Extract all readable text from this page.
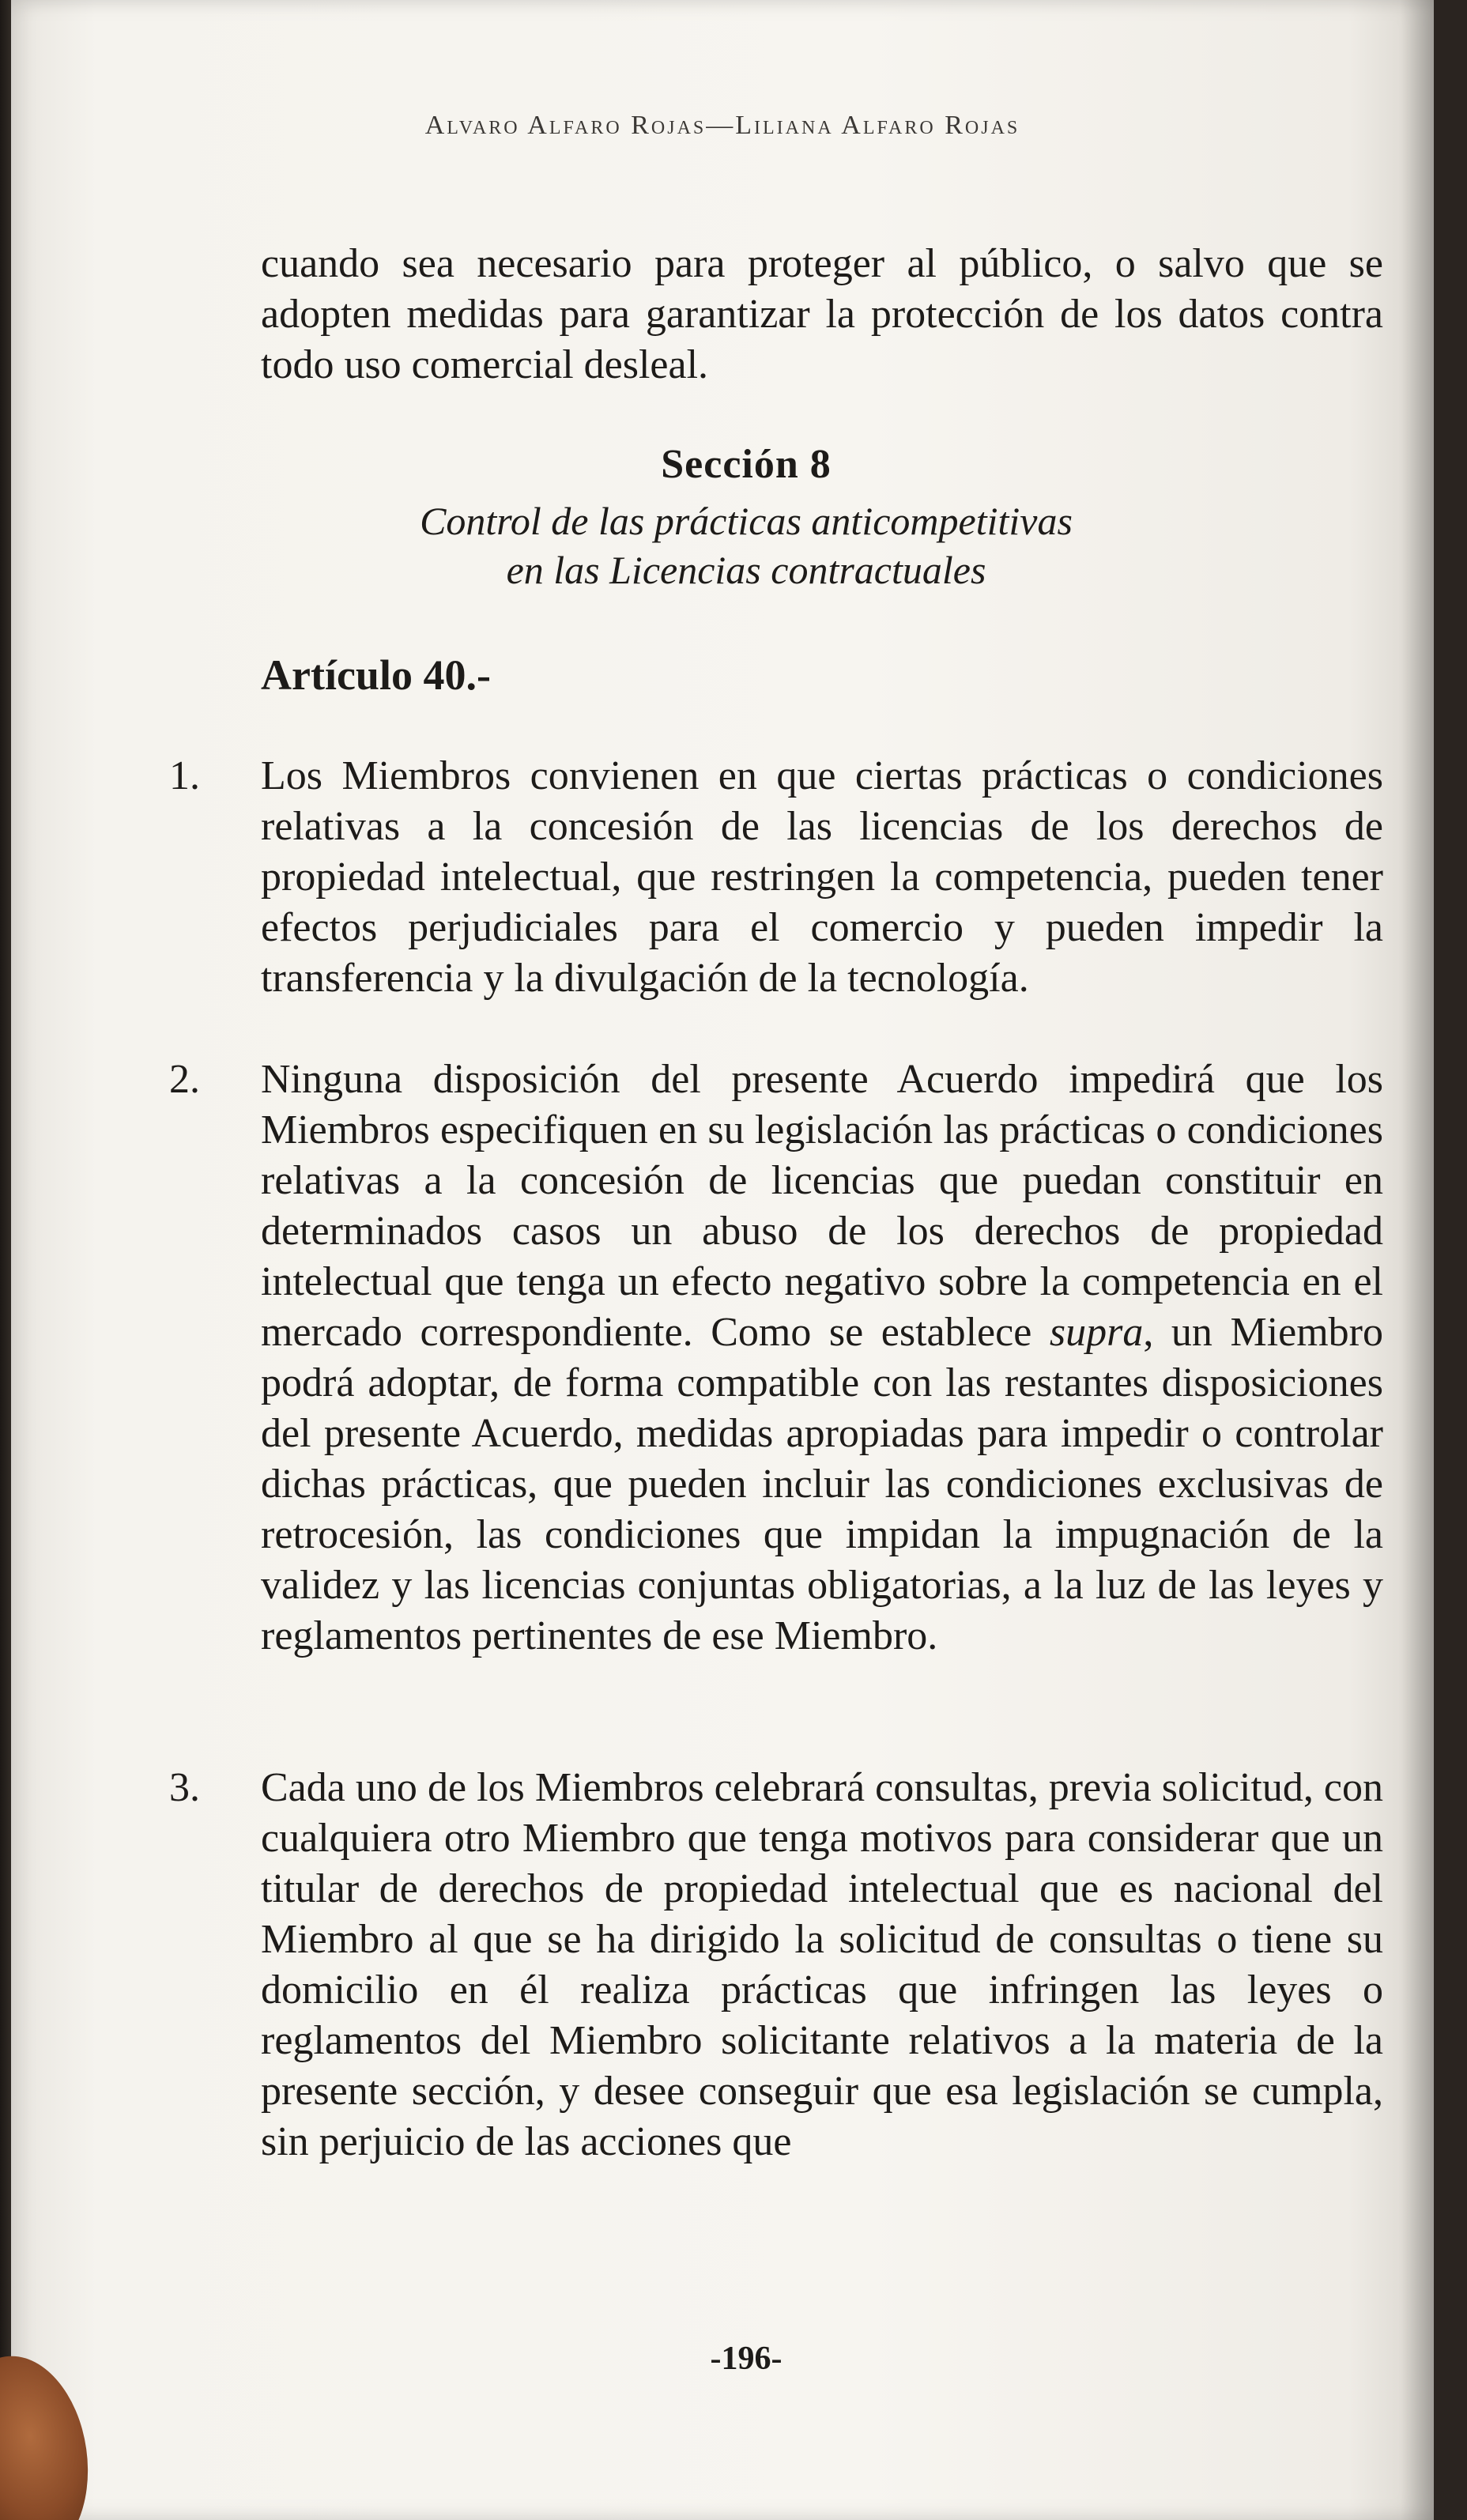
Alvaro Alfaro Rojas—Liliana Alfaro Rojas

cuando sea necesario para proteger al público, o salvo que se adopten medidas para garantizar la protección de los datos contra todo uso comercial desleal.

Sección 8
Control de las prácticas anticompetitivas
en las Licencias contractuales
Artículo 40.-
1.	Los Miembros convienen en que ciertas prácticas o condiciones relativas a la concesión de las licencias de los derechos de propiedad intelectual, que restringen la competencia, pueden tener efectos perjudiciales para el comercio y pueden impedir la transferencia y la divulgación de la tecnología.
2.	Ninguna disposición del presente Acuerdo impedirá que los Miembros especifiquen en su legislación las prácticas o condiciones relativas a la concesión de licencias que puedan constituir en determinados casos un abuso de los derechos de propiedad intelectual que tenga un efecto negativo sobre la competencia en el mercado correspondiente. Como se establece supra, un Miembro podrá adoptar, de forma compatible con las restantes disposiciones del presente Acuerdo, medidas apropiadas para impedir o controlar dichas prácticas, que pueden incluir las condiciones exclusivas de retrocesión, las condiciones que impidan la impugnación de la validez y las licencias conjuntas obligatorias, a la luz de las leyes y reglamentos pertinentes de ese Miembro.
3.	Cada uno de los Miembros celebrará consultas, previa solicitud, con cualquiera otro Miembro que tenga motivos para considerar que un titular de derechos de propiedad intelectual que es nacional del Miembro al que se ha dirigido la solicitud de consultas o tiene su domicilio en él realiza prácticas que infringen las leyes o reglamentos del Miembro solicitante relativos a la materia de la presente sección, y desee conseguir que esa legislación se cumpla, sin perjuicio de las acciones que
-196-
